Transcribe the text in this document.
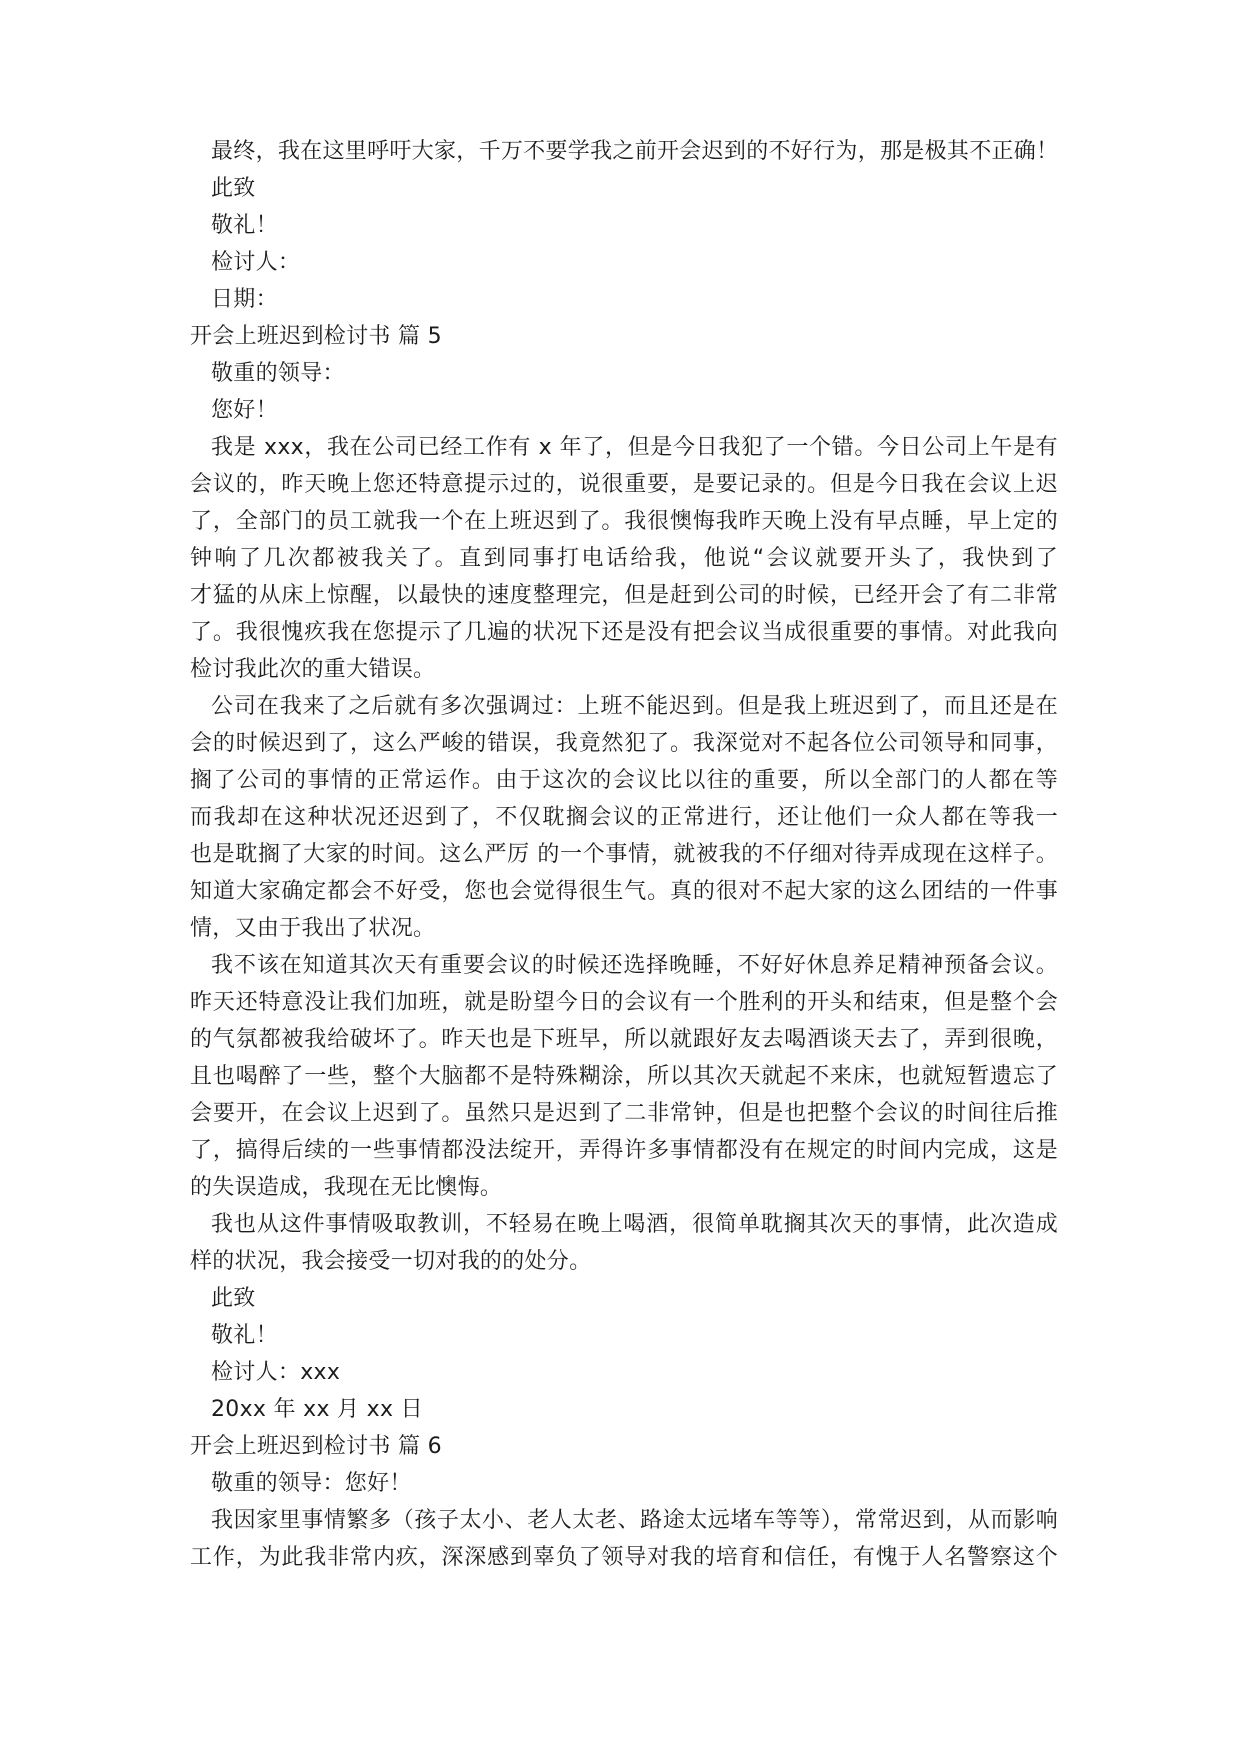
最终，我在这里呼吁大家，千万不要学我之前开会迟到的不好行为，那是极其不正确！
此致
敬礼！
检讨人：
日期：
开会上班迟到检讨书 篇 5
敬重的领导：
您好！
我是 xxx，我在公司已经工作有 x 年了，但是今日我犯了一个错。今日公司上午是有
会议的，昨天晚上您还特意提示过的，说很重要，是要记录的。但是今日我在会议上迟
了，全部门的员工就我一个在上班迟到了。我很懊悔我昨天晚上没有早点睡，早上定的
钟响了几次都被我关了。直到同事打电话给我，他说“会议就要开头了，我快到了
才猛的从床上惊醒，以最快的速度整理完，但是赶到公司的时候，已经开会了有二非常
了。我很愧疚我在您提示了几遍的状况下还是没有把会议当成很重要的事情。对此我向
检讨我此次的重大错误。
公司在我来了之后就有多次强调过：上班不能迟到。但是我上班迟到了，而且还是在
会的时候迟到了，这么严峻的错误，我竟然犯了。我深觉对不起各位公司领导和同事，
搁了公司的事情的正常运作。由于这次的会议比以往的重要，所以全部门的人都在等
而我却在这种状况还迟到了，不仅耽搁会议的正常进行，还让他们一众人都在等我一
也是耽搁了大家的时间。这么严厉 的一个事情，就被我的不仔细对待弄成现在这样子。
知道大家确定都会不好受，您也会觉得很生气。真的很对不起大家的这么团结的一件事
情，又由于我出了状况。
我不该在知道其次天有重要会议的时候还选择晚睡，不好好休息养足精神预备会议。
昨天还特意没让我们加班，就是盼望今日的会议有一个胜利的开头和结束，但是整个会
的气氛都被我给破坏了。昨天也是下班早，所以就跟好友去喝酒谈天去了，弄到很晚，
且也喝醉了一些，整个大脑都不是特殊糊涂，所以其次天就起不来床，也就短暂遗忘了
会要开，在会议上迟到了。虽然只是迟到了二非常钟，但是也把整个会议的时间往后推
了，搞得后续的一些事情都没法绽开，弄得许多事情都没有在规定的时间内完成，这是
的失误造成，我现在无比懊悔。
我也从这件事情吸取教训，不轻易在晚上喝酒，很简单耽搁其次天的事情，此次造成
样的状况，我会接受一切对我的的处分。
此致
敬礼！
检讨人：xxx
20xx 年 xx 月 xx 日
开会上班迟到检讨书 篇 6
敬重的领导：您好！
我因家里事情繁多（孩子太小、老人太老、路途太远堵车等等），常常迟到，从而影响
工作，为此我非常内疚，深深感到辜负了领导对我的培育和信任，有愧于人名警察这个
